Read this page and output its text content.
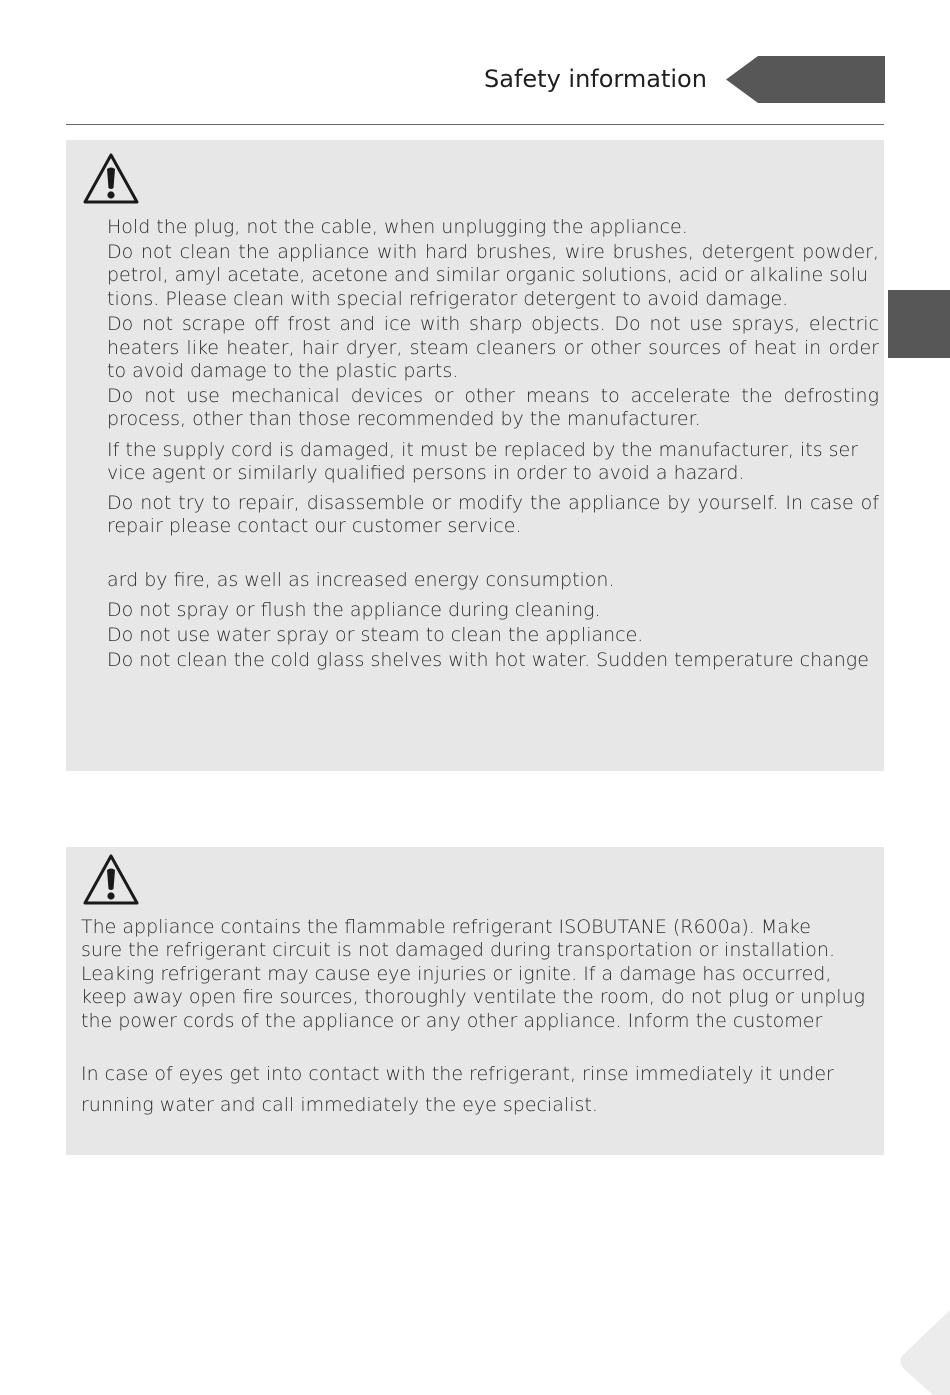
Safety information
Hold the plug, not the cable, when unplugging the appliance.
Do not clean the appliance with hard brushes, wire brushes, detergent powder,
petrol, amyl acetate, acetone and similar organic solutions, acid or alkaline solu
tions. Please clean with special refrigerator detergent to avoid damage.
Do not scrape off frost and ice with sharp objects. Do not use sprays, electric
heaters like heater, hair dryer, steam cleaners or other sources of heat in order
to avoid damage to the plastic parts.
Do not use mechanical devices or other means to accelerate the defrosting
process, other than those recommended by the manufacturer.
If the supply cord is damaged, it must be replaced by the manufacturer, its ser
vice agent or similarly qualified persons in order to avoid a hazard.
Do not try to repair, disassemble or modify the appliance by yourself. In case of
repair please contact our customer service.
ard by fire, as well as increased energy consumption.
Do not spray or flush the appliance during cleaning.
Do not use water spray or steam to clean the appliance.
Do not clean the cold glass shelves with hot water. Sudden temperature change
The appliance contains the flammable refrigerant ISOBUTANE (R600a). Make
sure the refrigerant circuit is not damaged during transportation or installation.
Leaking refrigerant may cause eye injuries or ignite. If a damage has occurred,
keep away open fire sources, thoroughly ventilate the room, do not plug or unplug
the power cords of the appliance or any other appliance. Inform the customer
In case of eyes get into contact with the refrigerant, rinse immediately it under
running water and call immediately the eye specialist.
